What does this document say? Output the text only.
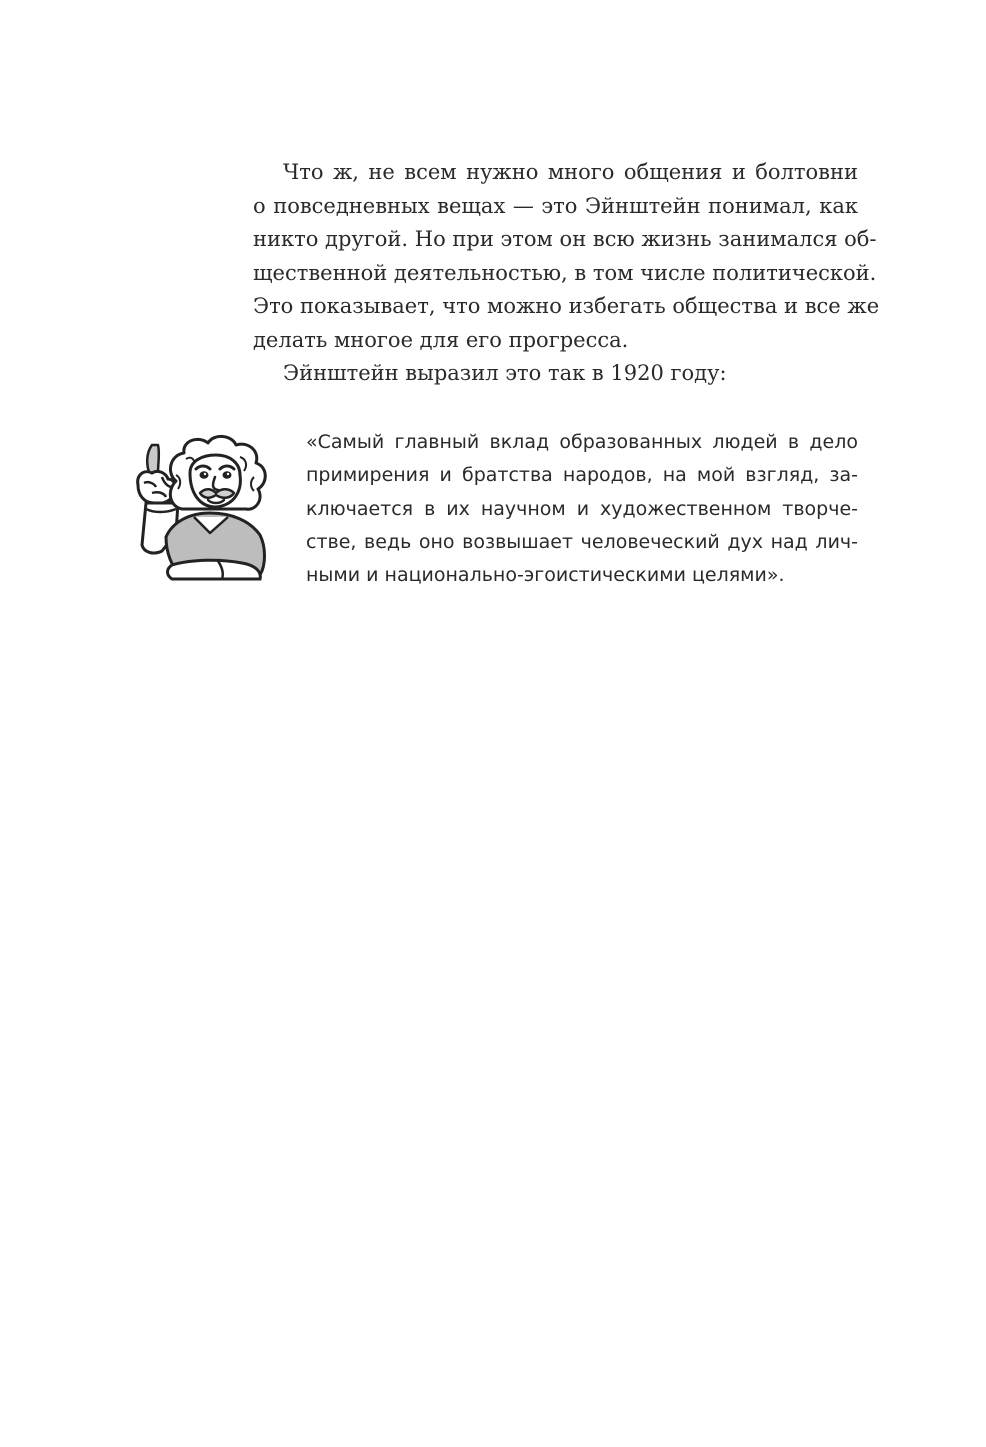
Что ж, не всем нужно много общения и болтовни
о повседневных вещах — это Эйнштейн понимал, как
никто другой. Но при этом он всю жизнь занимался об-
щественной деятельностью, в том числе политической.
Это показывает, что можно избегать общества и все же
делать многое для его прогресса.
Эйнштейн выразил это так в 1920 году:
«Самый главный вклад образованных людей в дело
примирения и братства народов, на мой взгляд, за-
ключается в их научном и художественном творче-
стве, ведь оно возвышает человеческий дух над лич-
ными и национально-эгоистическими целями».
